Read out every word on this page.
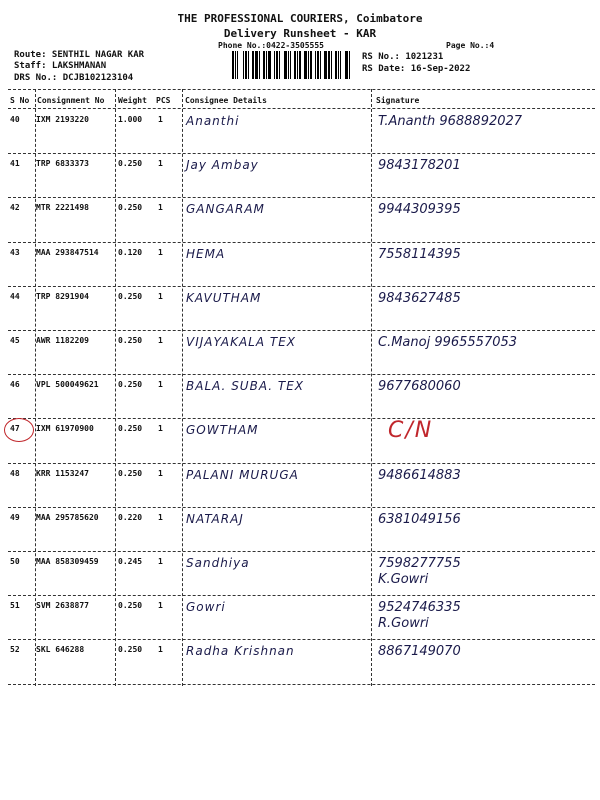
THE PROFESSIONAL COURIERS, Coimbatore
Delivery Runsheet - KAR
Phone No.:0422-3505555	Page No.:4
Route: SENTHIL NAGAR KAR
Staff: LAKSHMANAN
DRS No.: DCJB102123104
RS No.: 1021231
RS Date: 16-Sep-2022
S No Consignment No Weight PCS Consignee Details	Signature
40 IXM 2193220	1.000 1 Ananthi	T.Ananth 9688892027
41 TRP 6833373	0.250 1 Jay Ambay	9843178201
42 MTR 2221498	0.250 1 GANGARAM	9944309395
43 MAA 293847514 0.120 1 HEMA	7558114395
44 TRP 8291904	0.250 1 KAVUTHAM	9843627485
45 AWR 1182209	0.250 1 VIJAYAKALA TEX	C.Manoj 9965557053
46 VPL 500049621 0.250 1 BALA. SUBA. TEX	9677680060
47 IXM 61970900	0.250 1 GOWTHAM	C/N
48 KRR 1153247	0.250 1 PALANI MURUGA	9486614883
49 MAA 295785620 0.220 1 NATARAJ	6381049156
50 MAA 858309459 0.245 1 Sandhiya	7598277755
K.Gowri
51 SVM 2638877	0.250 1 Gowri	9524746335
R.Gowri
52 SKL 646288	0.250 1 Radha Krishnan	8867149070
